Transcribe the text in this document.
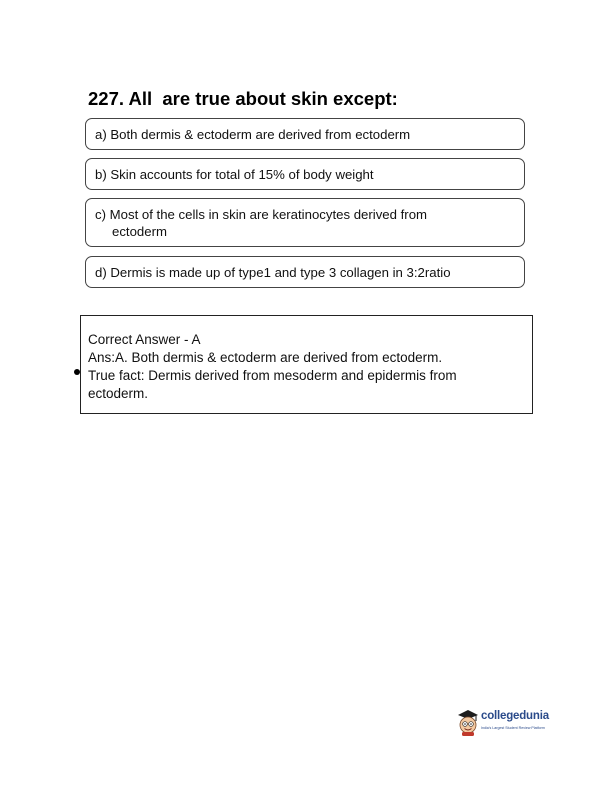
227. All  are true about skin except:
a) Both dermis & ectoderm are derived from ectoderm
b) Skin accounts for total of 15% of body weight
c) Most of the cells in skin are keratinocytes derived from
ectoderm
d) Dermis is made up of type1 and type 3 collagen in 3:2ratio
Correct Answer - A
Ans:A. Both dermis & ectoderm are derived from ectoderm.
True fact: Dermis derived from mesoderm and epidermis from
ectoderm.
collegedunia
India's Largest Student Review Platform
